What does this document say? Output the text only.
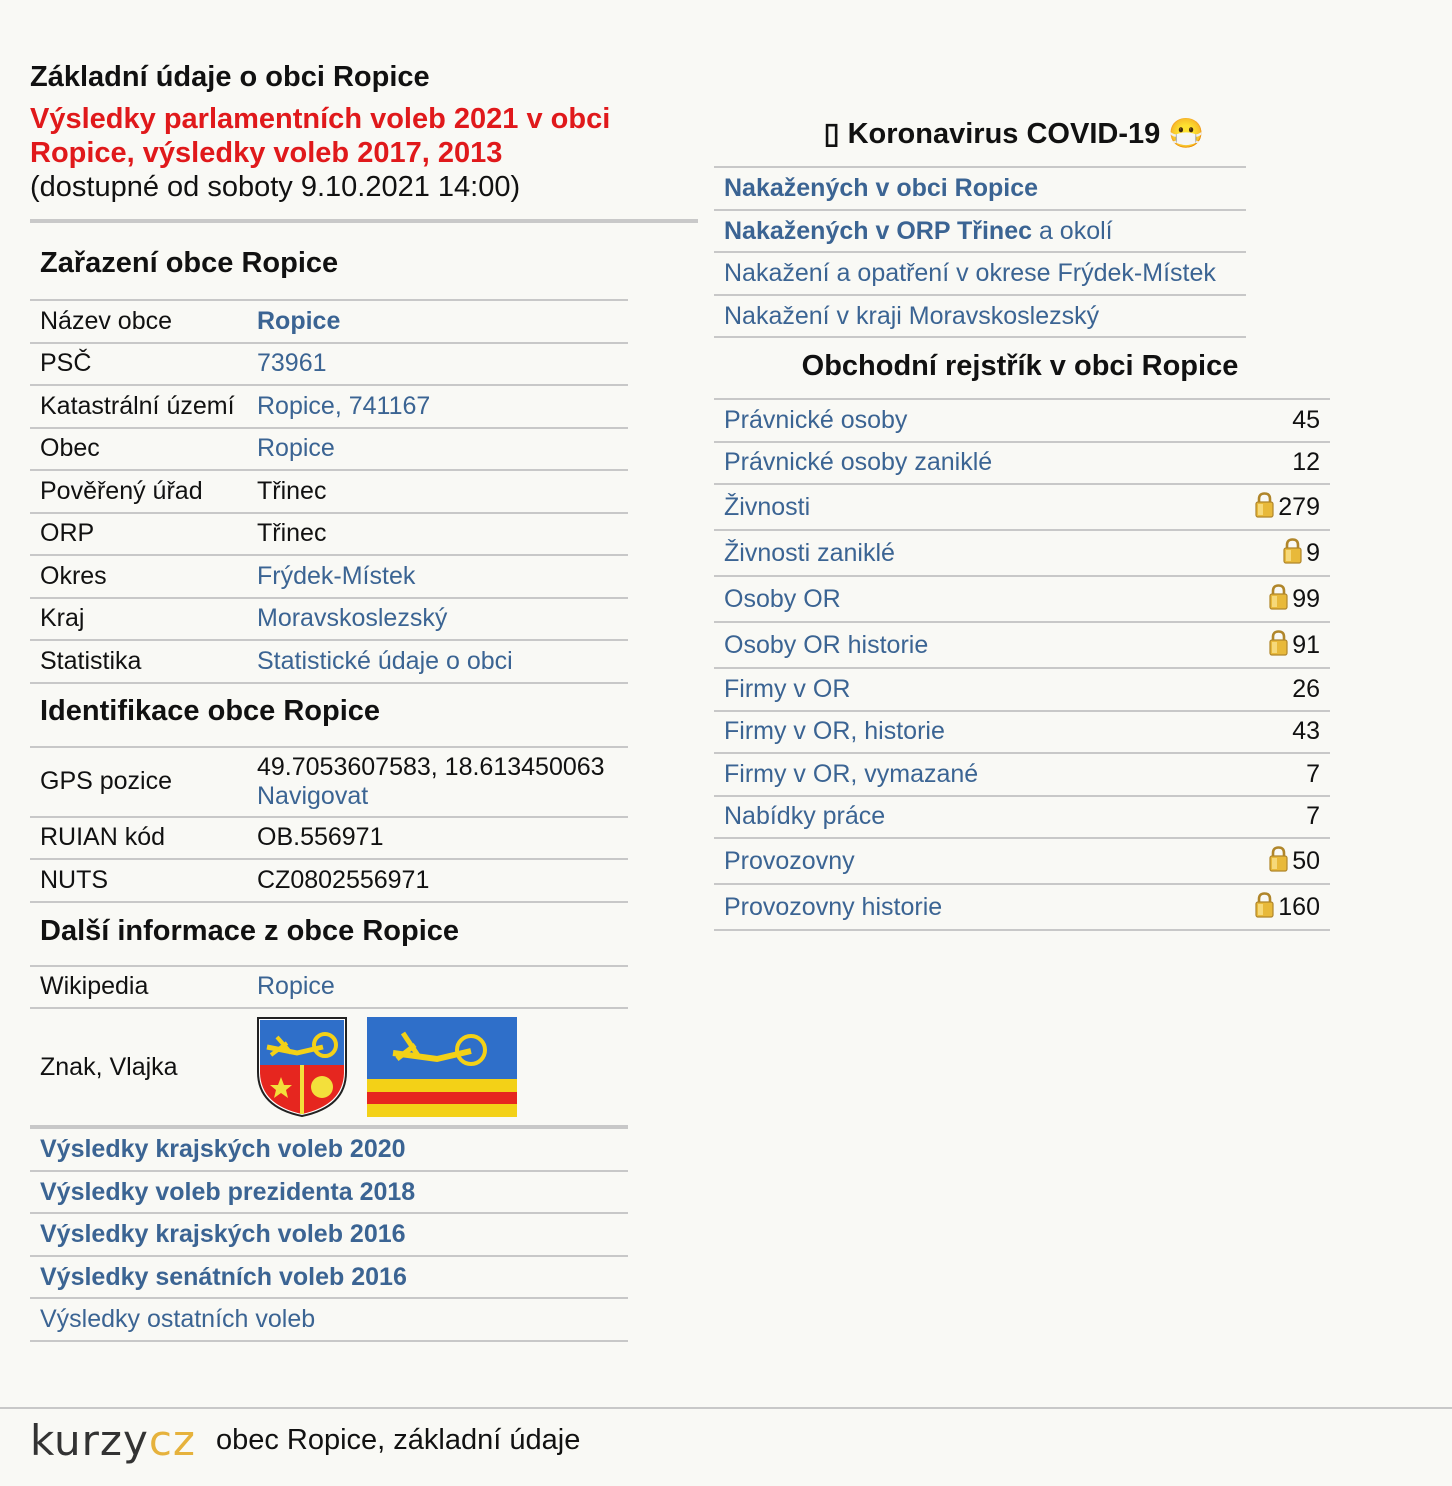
Základní údaje o obci Ropice
Výsledky parlamentních voleb 2021 v obci Ropice, výsledky voleb 2017, 2013
(dostupné od soboty 9.10.2021 14:00)
Zařazení obce Ropice
Název obce	Ropice
PSČ	73961
Katastrální území	Ropice, 741167
Obec	Ropice
Pověřený úřad	Třinec
ORP	Třinec
Okres	Frýdek-Místek
Kraj	Moravskoslezský
Statistika	Statistické údaje o obci
Identifikace obce Ropice
GPS pozice	49.7053607583, 18.613450063
Navigovat

RUIAN kód	OB.556971
NUTS	CZ0802556971
Další informace z obce Ropice
Wikipedia	Ropice
Znak, Vlajka	
Výsledky krajských voleb 2020
Výsledky voleb prezidenta 2018
Výsledky krajských voleb 2016
Výsledky senátních voleb 2016
Výsledky ostatních voleb
▯ Koronavirus COVID-19 😷
Nakažených v obci Ropice
Nakažených v ORP Třinec a okolí
Nakažení a opatření v okrese Frýdek-Místek
Nakažení v kraji Moravskoslezský
Obchodní rejstřík v obci Ropice
Právnické osoby	45
Právnické osoby zaniklé	12
Živnosti	279
Živnosti zaniklé	9
Osoby OR	99
Osoby OR historie	91
Firmy v OR	26
Firmy v OR, historie	43
Firmy v OR, vymazané	7
Nabídky práce	7
Provozovny	50
Provozovny historie	160
kurzycz obec Ropice, základní údaje
